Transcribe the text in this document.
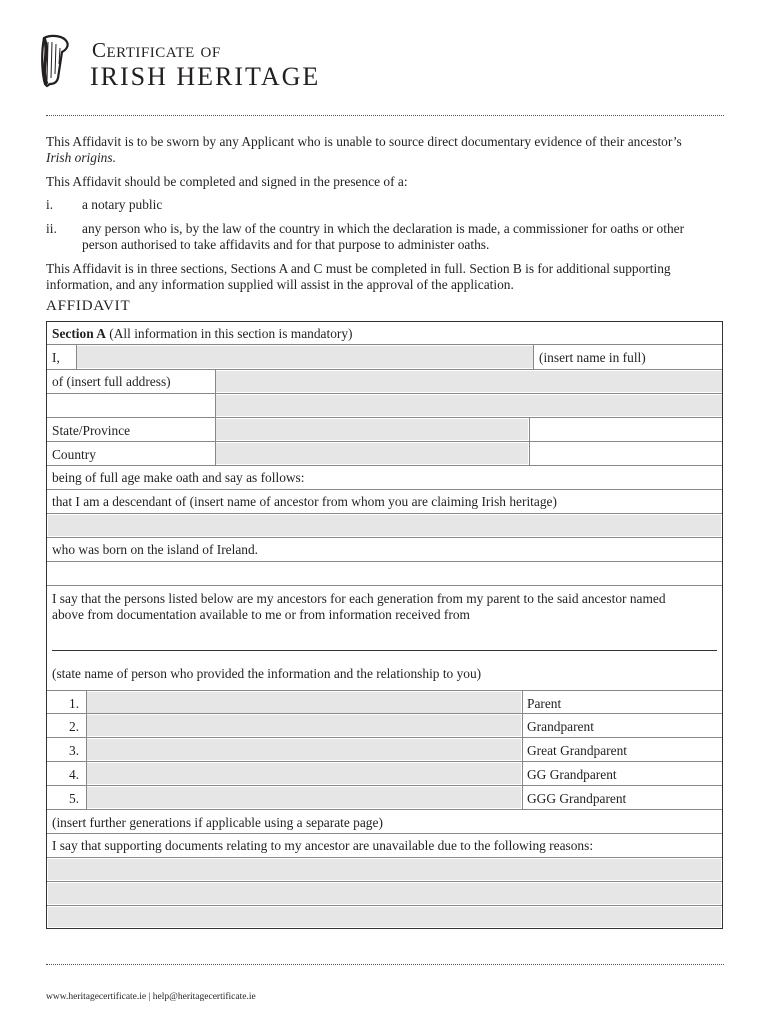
Certificate of
IRISH HERITAGE
This Affidavit is to be sworn by any Applicant who is unable to source direct documentary evidence of their ancestor’s
Irish origins.
This Affidavit should be completed and signed in the presence of a:
i. a notary public
ii. any person who is, by the law of the country in which the declaration is made, a commissioner for oaths or other
person authorised to take affidavits and for that purpose to administer oaths.
This Affidavit is in three sections, Sections A and C must be completed in full. Section B is for additional supporting
information, and any information supplied will assist in the approval of the application.
AFFIDAVIT
Section A (All information in this section is mandatory)
I,	(insert name in full)
of (insert full address)
State/Province
Country
being of full age make oath and say as follows:
that I am a descendant of (insert name of ancestor from whom you are claiming Irish heritage)
who was born on the island of Ireland.
I say that the persons listed below are my ancestors for each generation from my parent to the said ancestor named
above from documentation available to me or from information received from
(state name of person who provided the information and the relationship to you)
1.	Parent
2.	Grandparent
3.	Great Grandparent
4.	GG Grandparent
5.	GGG Grandparent
(insert further generations if applicable using a separate page)
I say that supporting documents relating to my ancestor are unavailable due to the following reasons:
www.heritagecertificate.ie | help@heritagecertificate.ie
